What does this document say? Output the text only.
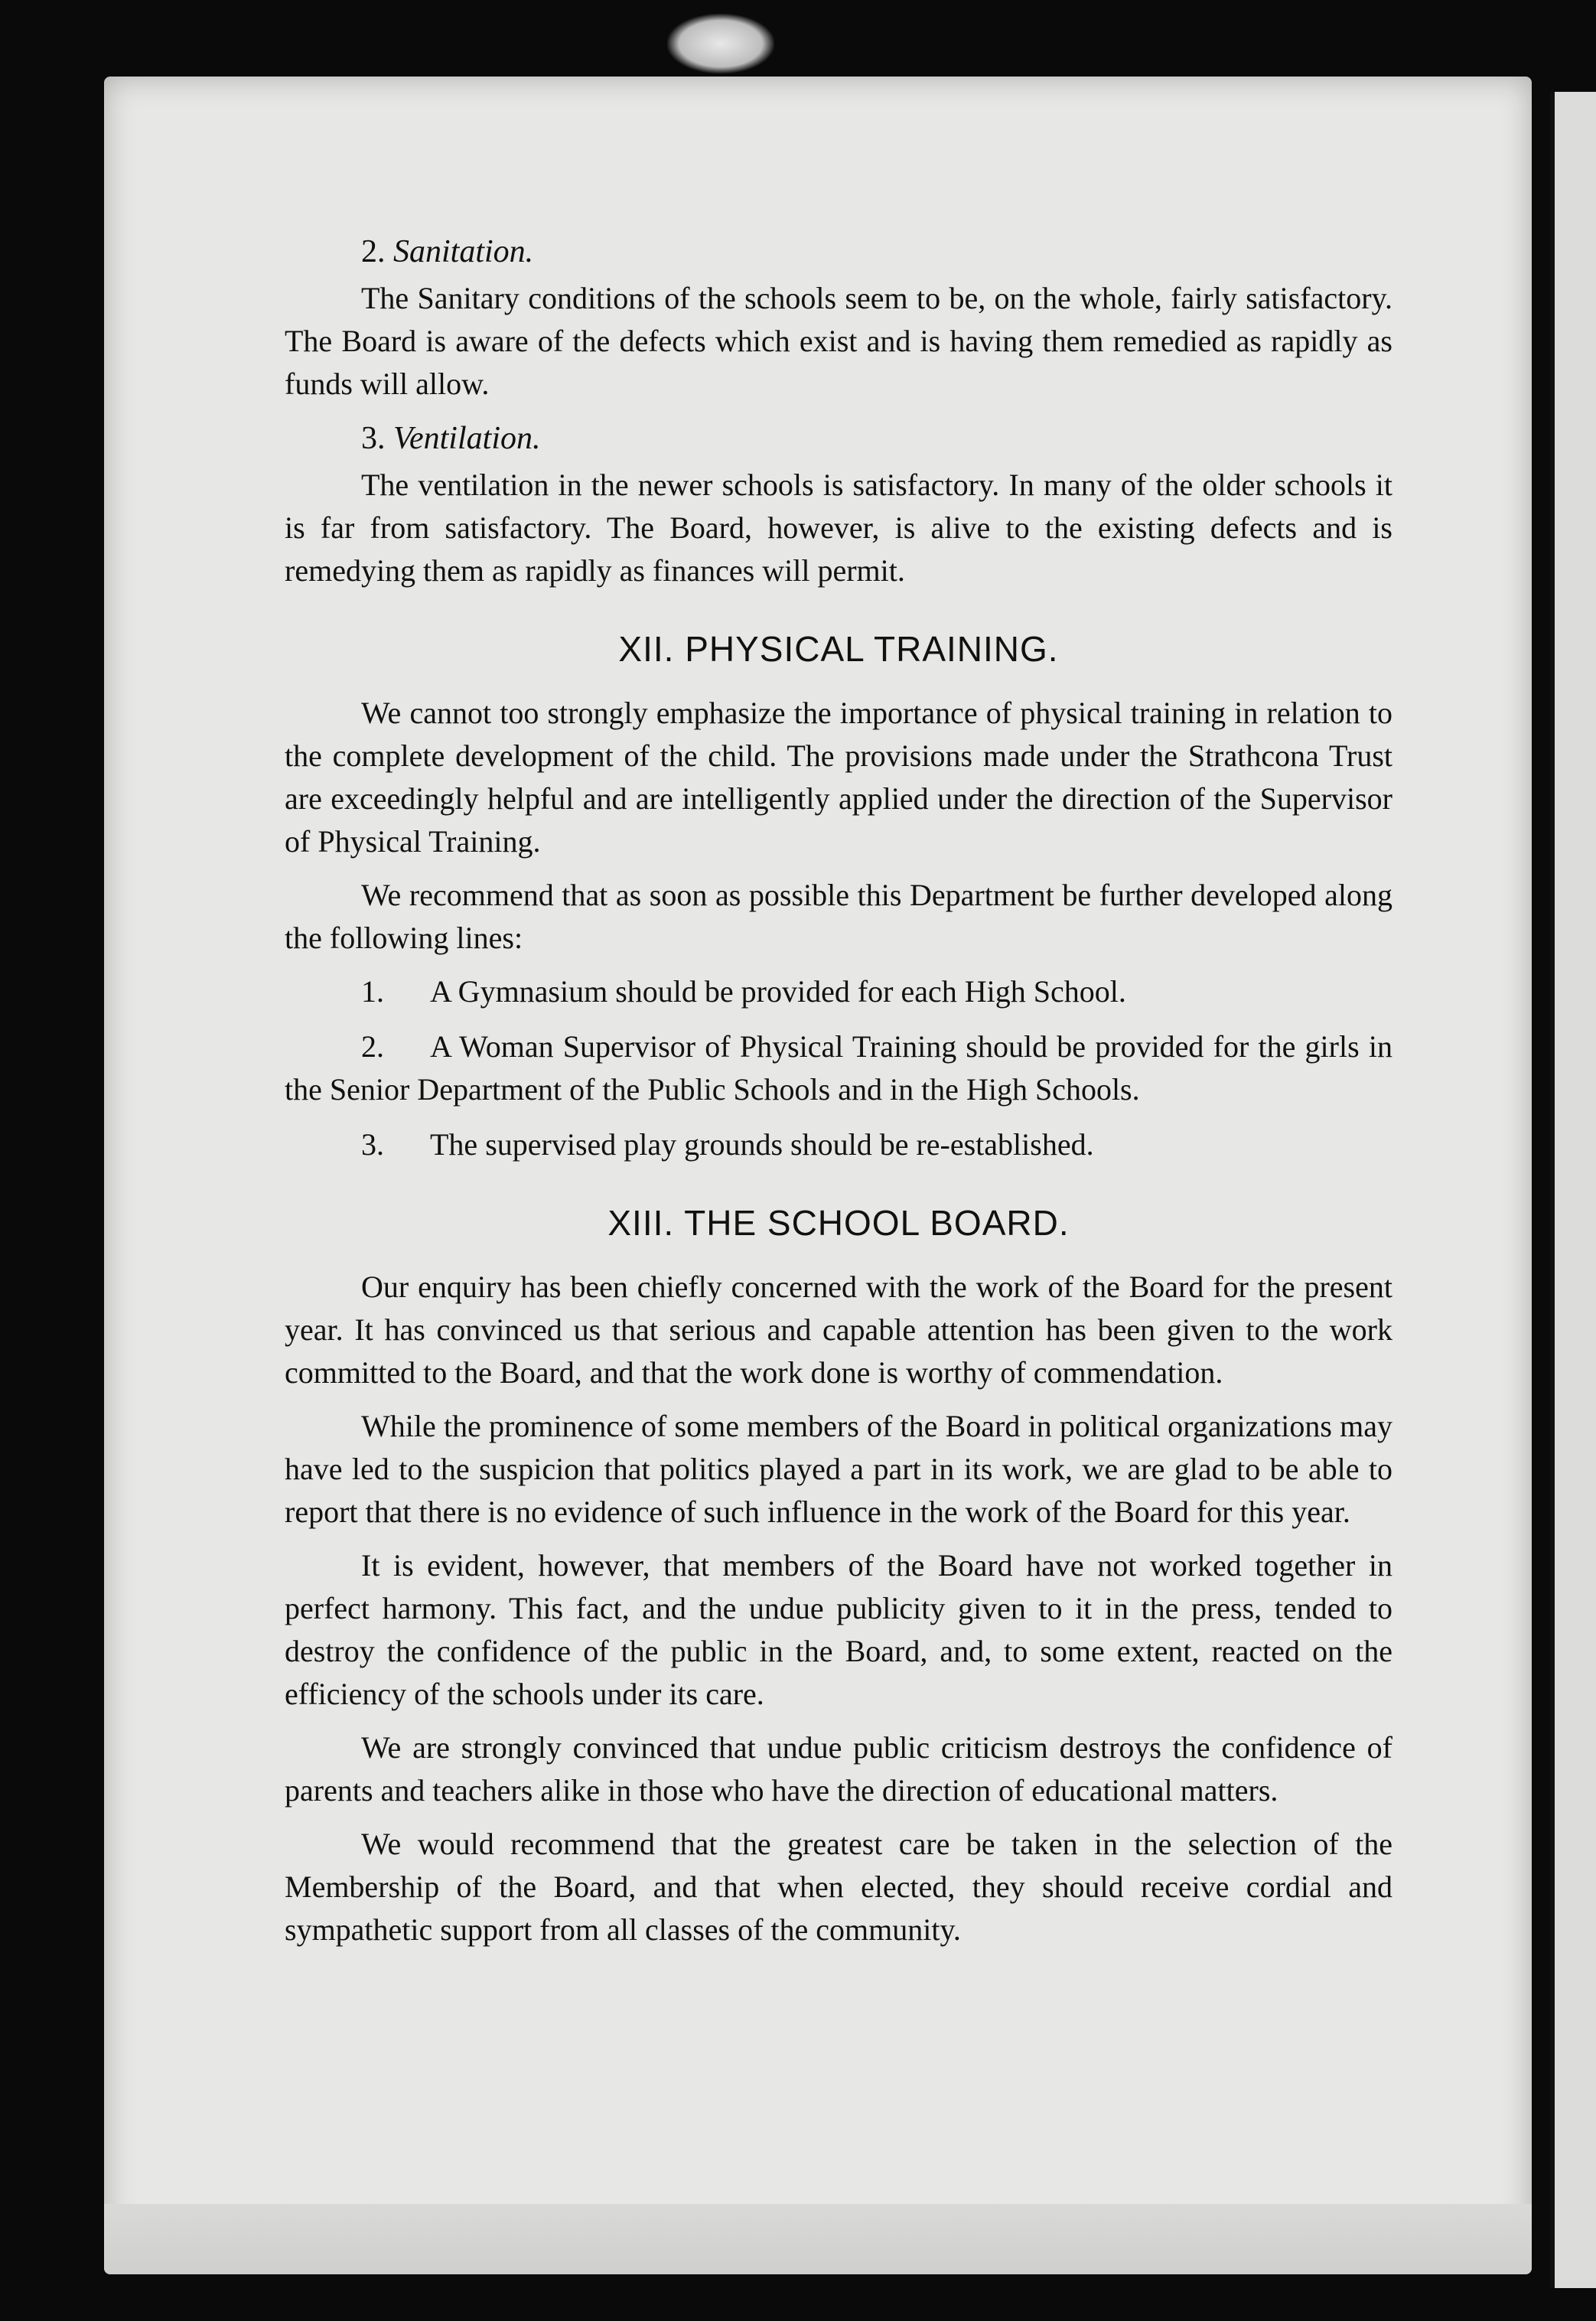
2. Sanitation.

The Sanitary conditions of the schools seem to be, on the whole, fairly satisfactory. The Board is aware of the defects which exist and is having them remedied as rapidly as funds will allow.

3. Ventilation.

The ventilation in the newer schools is satisfactory. In many of the older schools it is far from satisfactory. The Board, however, is alive to the existing defects and is remedying them as rapidly as finances will permit.

XII. PHYSICAL TRAINING.

We cannot too strongly emphasize the importance of physical training in relation to the complete development of the child. The provisions made under the Strathcona Trust are exceedingly helpful and are intelligently applied under the direction of the Supervisor of Physical Training.

We recommend that as soon as possible this Department be further developed along the following lines:

1. A Gymnasium should be provided for each High School.
2. A Woman Supervisor of Physical Training should be provided for the girls in the Senior Department of the Public Schools and in the High Schools.
3. The supervised play grounds should be re-established.
XIII. THE SCHOOL BOARD.

Our enquiry has been chiefly concerned with the work of the Board for the present year. It has convinced us that serious and capable attention has been given to the work committed to the Board, and that the work done is worthy of commendation.

While the prominence of some members of the Board in political organizations may have led to the suspicion that politics played a part in its work, we are glad to be able to report that there is no evidence of such influence in the work of the Board for this year.

It is evident, however, that members of the Board have not worked together in perfect harmony. This fact, and the undue publicity given to it in the press, tended to destroy the confidence of the public in the Board, and, to some extent, reacted on the efficiency of the schools under its care.

We are strongly convinced that undue public criticism destroys the confidence of parents and teachers alike in those who have the direction of educational matters.

We would recommend that the greatest care be taken in the selection of the Membership of the Board, and that when elected, they should receive cordial and sympathetic support from all classes of the community.
